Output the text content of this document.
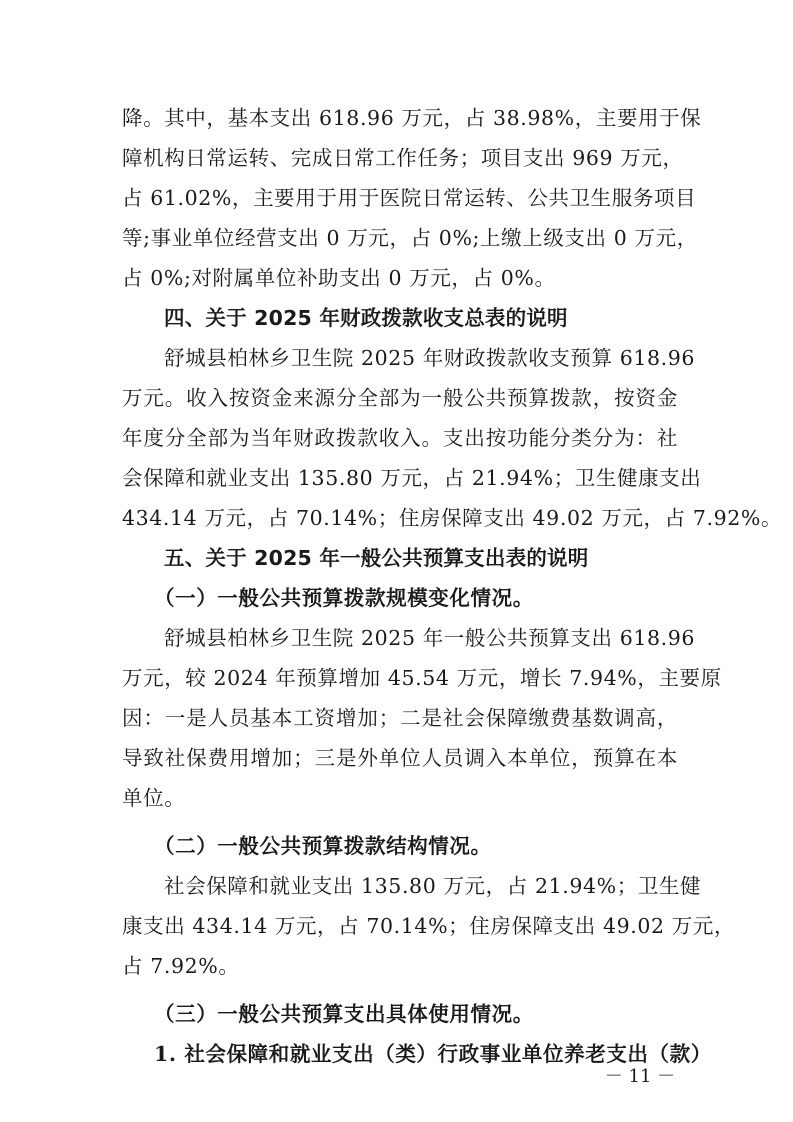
降。其中，基本支出 618.96 万元，占 38.98%，主要用于保
障机构日常运转、完成日常工作任务；项目支出 969 万元，
占 61.02%，主要用于用于医院日常运转、公共卫生服务项目
等;事业单位经营支出 0 万元，占 0%;上缴上级支出 0 万元，
占 0%;对附属单位补助支出 0 万元，占 0%。
四、关于 2025 年财政拨款收支总表的说明
舒城县柏林乡卫生院 2025 年财政拨款收支预算 618.96
万元。收入按资金来源分全部为一般公共预算拨款，按资金
年度分全部为当年财政拨款收入。支出按功能分类分为：社
会保障和就业支出 135.80 万元，占 21.94%；卫生健康支出
434.14 万元，占 70.14%；住房保障支出 49.02 万元，占 7.92%。
五、关于 2025 年一般公共预算支出表的说明
（一）一般公共预算拨款规模变化情况。
舒城县柏林乡卫生院 2025 年一般公共预算支出 618.96
万元，较 2024 年预算增加 45.54 万元，增长 7.94%，主要原
因：一是人员基本工资增加；二是社会保障缴费基数调高，
导致社保费用增加；三是外单位人员调入本单位，预算在本
单位。
（二）一般公共预算拨款结构情况。
社会保障和就业支出 135.80 万元，占 21.94%；卫生健
康支出 434.14 万元，占 70.14%；住房保障支出 49.02 万元，
占 7.92%。
（三）一般公共预算支出具体使用情况。
1. 社会保障和就业支出（类）行政事业单位养老支出（款）
－ 11 －
